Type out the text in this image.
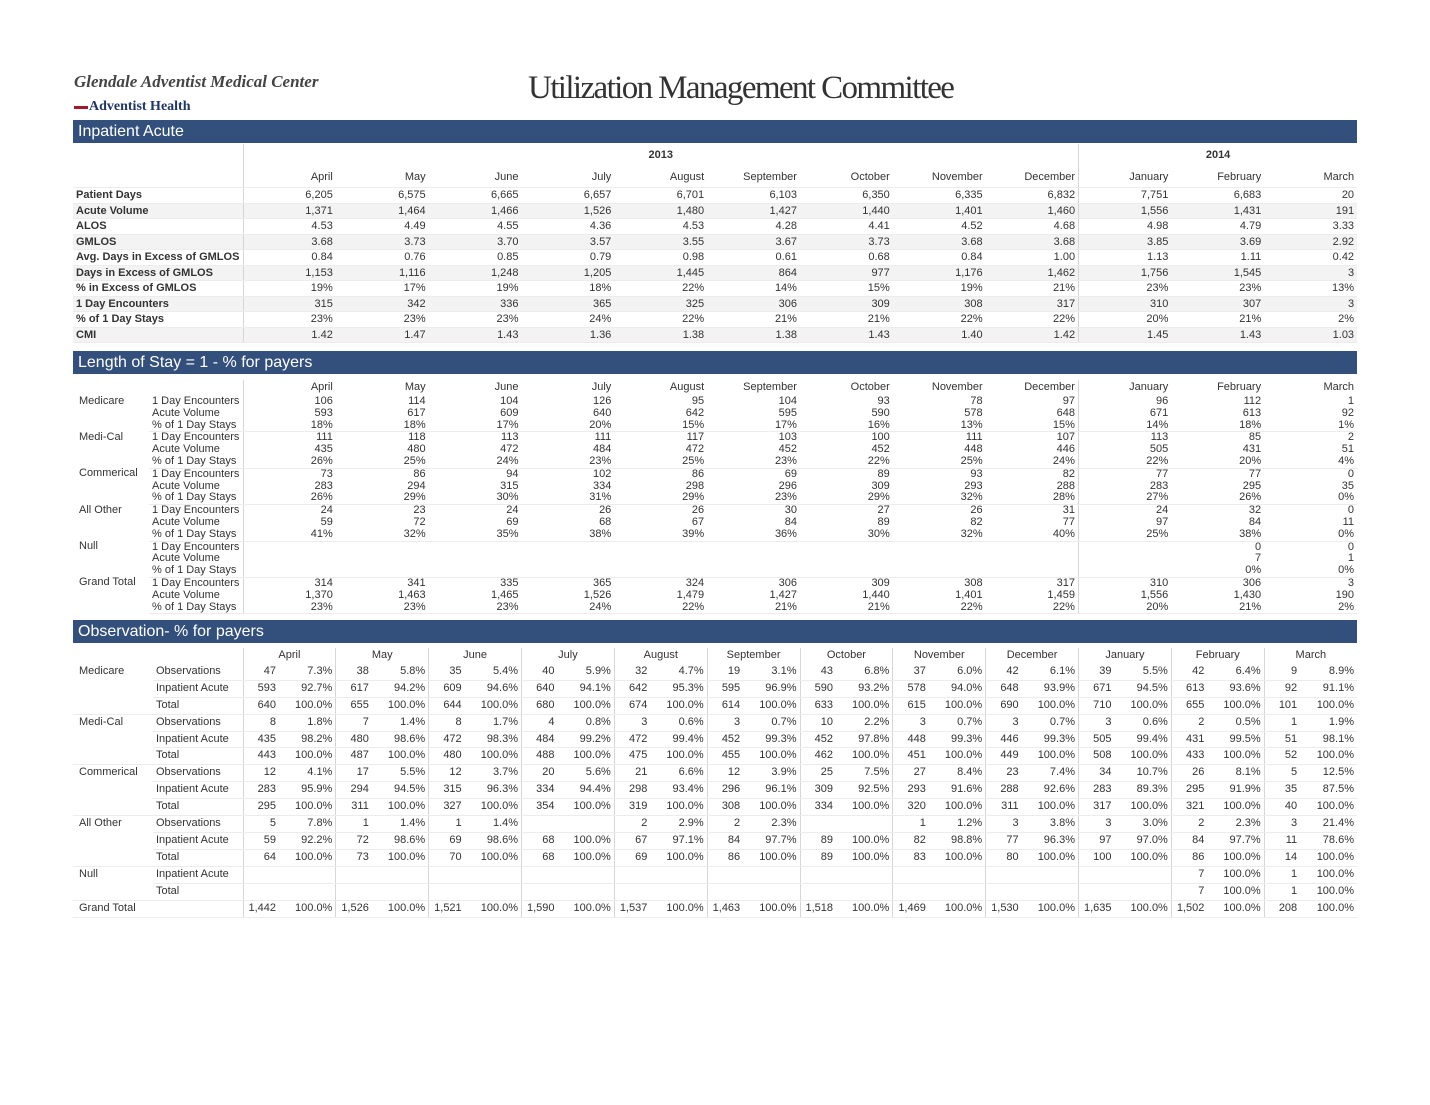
Glendale Adventist Medical Center
Adventist Health
Utilization Management Committee
Inpatient Acute
	2013									2014		
	April	May	June	July	August	September	October	November	December	January	February	March
Patient Days	6,205	6,575	6,665	6,657	6,701	6,103	6,350	6,335	6,832	7,751	6,683	20
Acute Volume	1,371	1,464	1,466	1,526	1,480	1,427	1,440	1,401	1,460	1,556	1,431	191
ALOS	4.53	4.49	4.55	4.36	4.53	4.28	4.41	4.52	4.68	4.98	4.79	3.33
GMLOS	3.68	3.73	3.70	3.57	3.55	3.67	3.73	3.68	3.68	3.85	3.69	2.92
Avg. Days in Excess of GMLOS	0.84	0.76	0.85	0.79	0.98	0.61	0.68	0.84	1.00	1.13	1.11	0.42
Days in Excess of GMLOS	1,153	1,116	1,248	1,205	1,445	864	977	1,176	1,462	1,756	1,545	3
% in Excess of GMLOS	19%	17%	19%	18%	22%	14%	15%	19%	21%	23%	23%	13%
1 Day Encounters	315	342	336	365	325	306	309	308	317	310	307	3
% of 1 Day Stays	23%	23%	23%	24%	22%	21%	21%	22%	22%	20%	21%	2%
CMI	1.42	1.47	1.43	1.36	1.38	1.38	1.43	1.40	1.42	1.45	1.43	1.03
Length of Stay = 1 - % for payers
		April	May	June	July	August	September	October	November	December	January	February	March
Medicare	1 Day Encounters	106	114	104	126	95	104	93	78	97	96	112	1
	Acute Volume	593	617	609	640	642	595	590	578	648	671	613	92
	% of 1 Day Stays	18%	18%	17%	20%	15%	17%	16%	13%	15%	14%	18%	1%
Medi-Cal	1 Day Encounters	111	118	113	111	117	103	100	111	107	113	85	2
	Acute Volume	435	480	472	484	472	452	452	448	446	505	431	51
	% of 1 Day Stays	26%	25%	24%	23%	25%	23%	22%	25%	24%	22%	20%	4%
Commerical	1 Day Encounters	73	86	94	102	86	69	89	93	82	77	77	0
	Acute Volume	283	294	315	334	298	296	309	293	288	283	295	35
	% of 1 Day Stays	26%	29%	30%	31%	29%	23%	29%	32%	28%	27%	26%	0%
All Other	1 Day Encounters	24	23	24	26	26	30	27	26	31	24	32	0
	Acute Volume	59	72	69	68	67	84	89	82	77	97	84	11
	% of 1 Day Stays	41%	32%	35%	38%	39%	36%	30%	32%	40%	25%	38%	0%
Null	1 Day Encounters											0	0
	Acute Volume											7	1
	% of 1 Day Stays											0%	0%
Grand Total	1 Day Encounters	314	341	335	365	324	306	309	308	317	310	306	3
	Acute Volume	1,370	1,463	1,465	1,526	1,479	1,427	1,440	1,401	1,459	1,556	1,430	190
	% of 1 Day Stays	23%	23%	23%	24%	22%	21%	21%	22%	22%	20%	21%	2%
Observation- % for payers
		April		May		June		July		August		September		October		November		December		January		February		March	
Medicare	Observations	47	7.3%	38	5.8%	35	5.4%	40	5.9%	32	4.7%	19	3.1%	43	6.8%	37	6.0%	42	6.1%	39	5.5%	42	6.4%	9	8.9%
	Inpatient Acute	593	92.7%	617	94.2%	609	94.6%	640	94.1%	642	95.3%	595	96.9%	590	93.2%	578	94.0%	648	93.9%	671	94.5%	613	93.6%	92	91.1%
	Total	640	100.0%	655	100.0%	644	100.0%	680	100.0%	674	100.0%	614	100.0%	633	100.0%	615	100.0%	690	100.0%	710	100.0%	655	100.0%	101	100.0%
Medi-Cal	Observations	8	1.8%	7	1.4%	8	1.7%	4	0.8%	3	0.6%	3	0.7%	10	2.2%	3	0.7%	3	0.7%	3	0.6%	2	0.5%	1	1.9%
	Inpatient Acute	435	98.2%	480	98.6%	472	98.3%	484	99.2%	472	99.4%	452	99.3%	452	97.8%	448	99.3%	446	99.3%	505	99.4%	431	99.5%	51	98.1%
	Total	443	100.0%	487	100.0%	480	100.0%	488	100.0%	475	100.0%	455	100.0%	462	100.0%	451	100.0%	449	100.0%	508	100.0%	433	100.0%	52	100.0%
Commerical	Observations	12	4.1%	17	5.5%	12	3.7%	20	5.6%	21	6.6%	12	3.9%	25	7.5%	27	8.4%	23	7.4%	34	10.7%	26	8.1%	5	12.5%
	Inpatient Acute	283	95.9%	294	94.5%	315	96.3%	334	94.4%	298	93.4%	296	96.1%	309	92.5%	293	91.6%	288	92.6%	283	89.3%	295	91.9%	35	87.5%
	Total	295	100.0%	311	100.0%	327	100.0%	354	100.0%	319	100.0%	308	100.0%	334	100.0%	320	100.0%	311	100.0%	317	100.0%	321	100.0%	40	100.0%
All Other	Observations	5	7.8%	1	1.4%	1	1.4%			2	2.9%	2	2.3%			1	1.2%	3	3.8%	3	3.0%	2	2.3%	3	21.4%
	Inpatient Acute	59	92.2%	72	98.6%	69	98.6%	68	100.0%	67	97.1%	84	97.7%	89	100.0%	82	98.8%	77	96.3%	97	97.0%	84	97.7%	11	78.6%
	Total	64	100.0%	73	100.0%	70	100.0%	68	100.0%	69	100.0%	86	100.0%	89	100.0%	83	100.0%	80	100.0%	100	100.0%	86	100.0%	14	100.0%
Null	Inpatient Acute																					7	100.0%	1	100.0%
	Total																					7	100.0%	1	100.0%
Grand Total		1,442	100.0%	1,526	100.0%	1,521	100.0%	1,590	100.0%	1,537	100.0%	1,463	100.0%	1,518	100.0%	1,469	100.0%	1,530	100.0%	1,635	100.0%	1,502	100.0%	208	100.0%
